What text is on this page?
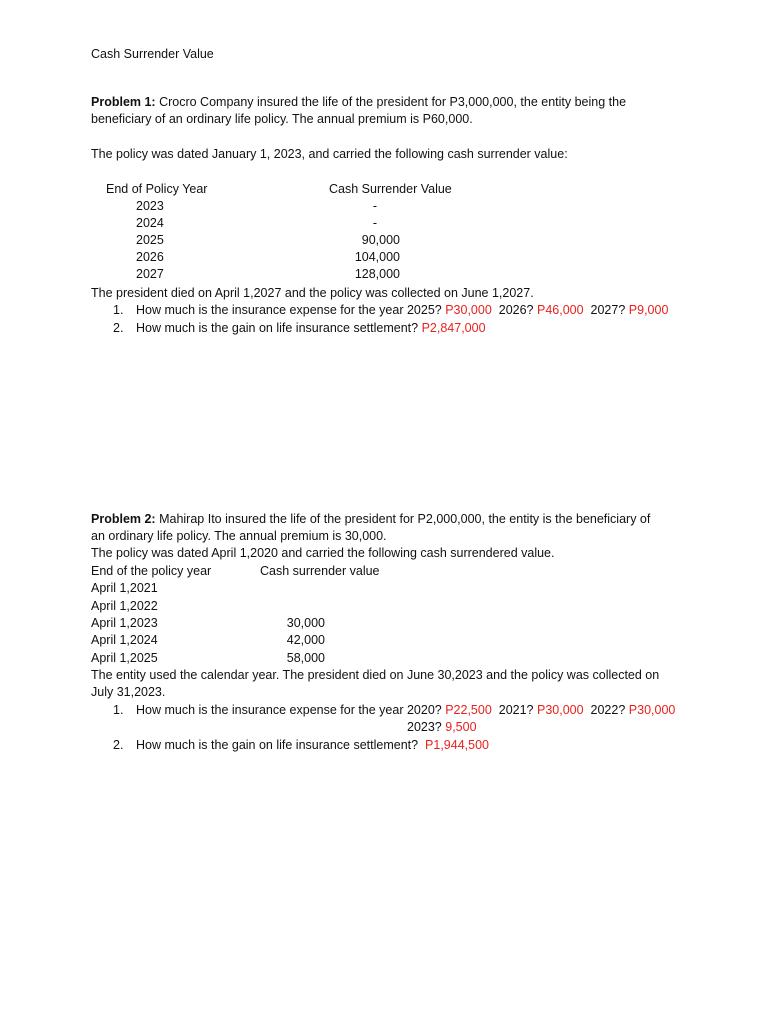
Cash Surrender Value
Problem 1: Crocro Company insured the life of the president for P3,000,000, the entity being the
beneficiary of an ordinary life policy. The annual premium is P60,000.
The policy was dated January 1, 2023, and carried the following cash surrender value:
End of Policy Year	Cash Surrender Value
2023	-
2024	-
2025	90,000
2026	104,000
2027	128,000
The president died on April 1,2027 and the policy was collected on June 1,2027.
1. How much is the insurance expense for the year 2025? P30,000 2026? P46,000 2027? P9,000
2. How much is the gain on life insurance settlement? P2,847,000
Problem 2: Mahirap Ito insured the life of the president for P2,000,000, the entity is the beneficiary of
an ordinary life policy. The annual premium is 30,000.
The policy was dated April 1,2020 and carried the following cash surrendered value.
End of the policy year	Cash surrender value
April 1,2021
April 1,2022
April 1,2023	30,000
April 1,2024	42,000
April 1,2025	58,000
The entity used the calendar year. The president died on June 30,2023 and the policy was collected on
July 31,2023.
1. How much is the insurance expense for the year 2020? P22,500 2021? P30,000 2022? P30,000
2023? 9,500
2. How much is the gain on life insurance settlement? P1,944,500
